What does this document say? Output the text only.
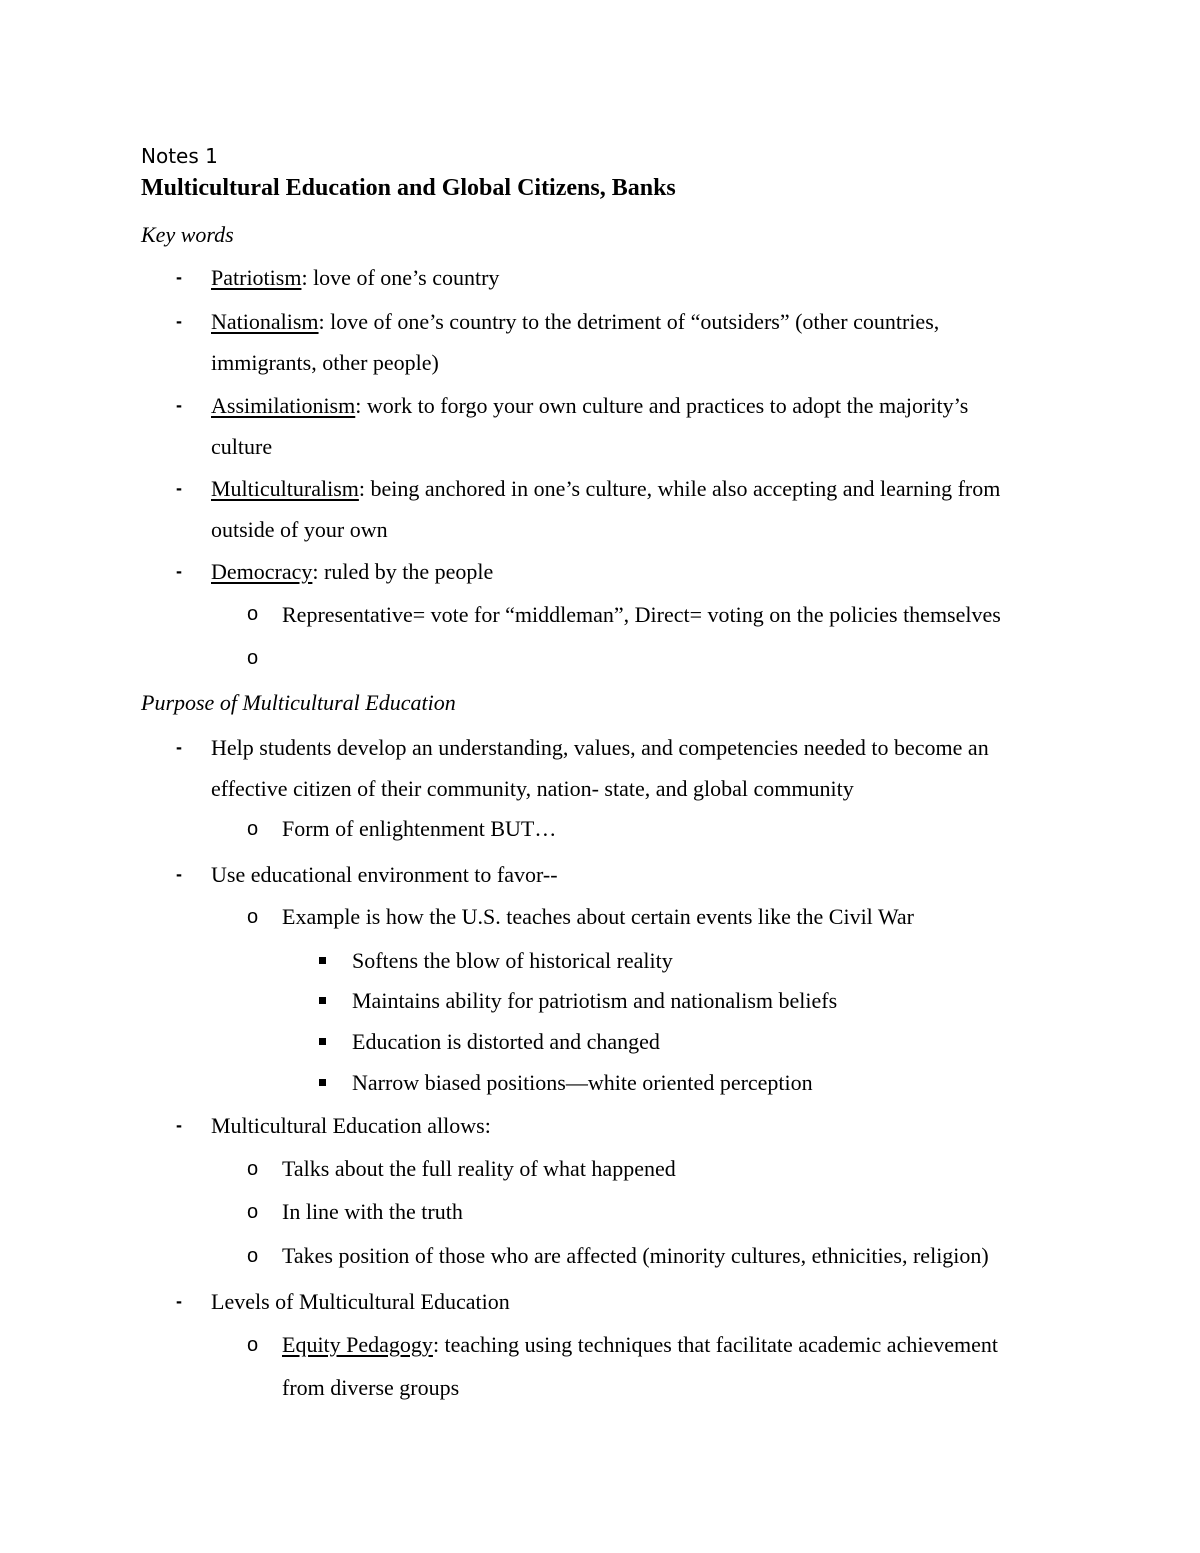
Notes 1
Multicultural Education and Global Citizens, Banks
Key words
- Patriotism: love of one’s country
- Nationalism: love of one’s country to the detriment of “outsiders” (other countries,
immigrants, other people)
- Assimilationism: work to forgo your own culture and practices to adopt the majority’s
culture
- Multiculturalism: being anchored in one’s culture, while also accepting and learning from
outside of your own
- Democracy: ruled by the people
o Representative= vote for “middleman”, Direct= voting on the policies themselves
o
Purpose of Multicultural Education
- Help students develop an understanding, values, and competencies needed to become an
effective citizen of their community, nation- state, and global community
o Form of enlightenment BUT…
- Use educational environment to favor--
o Example is how the U.S. teaches about certain events like the Civil War
Softens the blow of historical reality
Maintains ability for patriotism and nationalism beliefs
Education is distorted and changed
Narrow biased positions—white oriented perception
- Multicultural Education allows:
o Talks about the full reality of what happened
o In line with the truth
o Takes position of those who are affected (minority cultures, ethnicities, religion)
- Levels of Multicultural Education
o Equity Pedagogy: teaching using techniques that facilitate academic achievement
from diverse groups
